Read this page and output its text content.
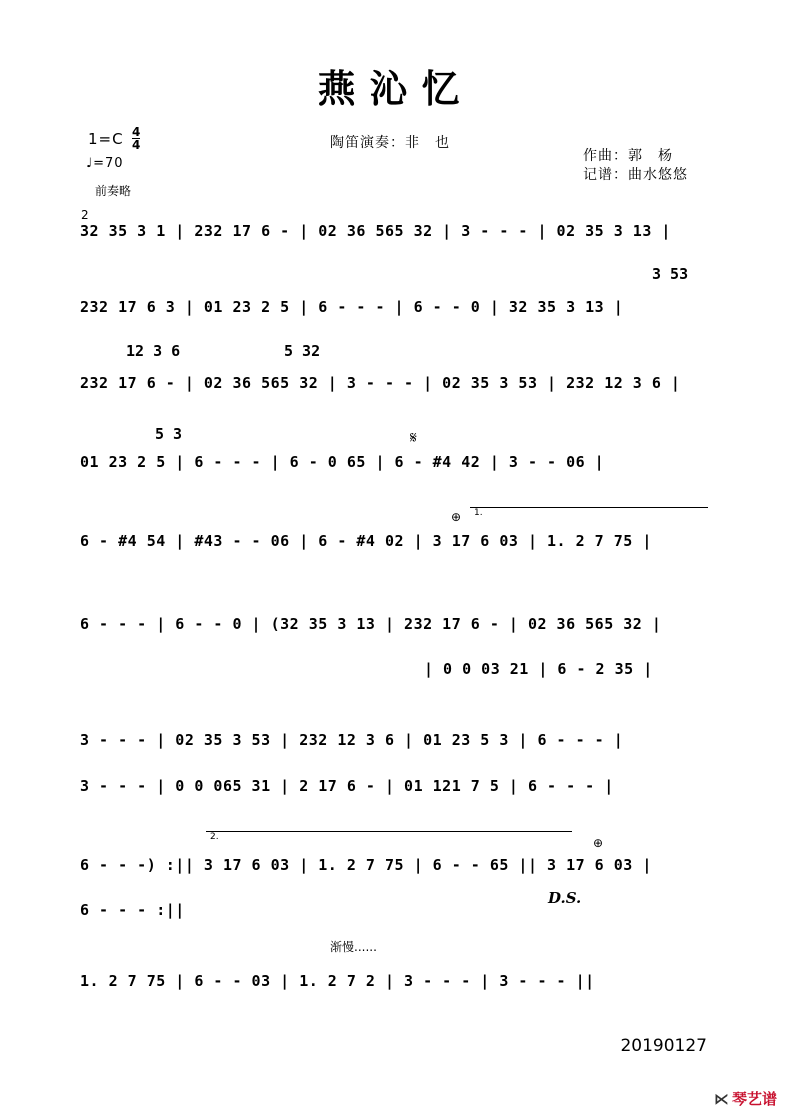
燕沁忆
1=C 4
4
♩=70
前奏略
陶笛演奏：非　也
作曲：郭　杨
记谱：曲水悠悠
2
32 35 3 1 | 232 17 6 - | 02 36 565 32 | 3 - - - | 02 35 3 13 |
3 53
232 17 6 3 | 01 23 2 5 | 6 - - - | 6 - - 0 | 32 35 3 13 |
12 3 6	5 32
232 17 6 - | 02 36 565 32 | 3 - - - | 02 35 3 53 | 232 12 3 6 |
5 3	𝄋
01 23 2 5 | 6 - - - | 6 - 0 65 | 6 - #4 42 | 3 - - 06 |
⊕ 1.
6 - #4 54 | #43 - - 06 | 6 - #4 02 | 3 17 6 03 | 1. 2 7 75 |
6 - - - | 6 - - 0 | (32 35 3 13 | 232 17 6 - | 02 36 565 32 |
| 0 0 03 21 | 6 - 2 35 |
3 - - - | 02 35 3 53 | 232 12 3 6 | 01 23 5 3 | 6 - - - |
3 - - - | 0 0 065 31 | 2 17 6 - | 01 121 7 5 | 6 - - - |
2.	⊕
6 - - -) :|| 3 17 6 03 | 1. 2 7 75 | 6 - - 65 || 3 17 6 03 |
D.S.
6 - - - :||
渐慢......
1. 2 7 75 | 6 - - 03 | 1. 2 7 2 | 3 - - - | 3 - - - ||
20190127
⋉ 琴艺谱
